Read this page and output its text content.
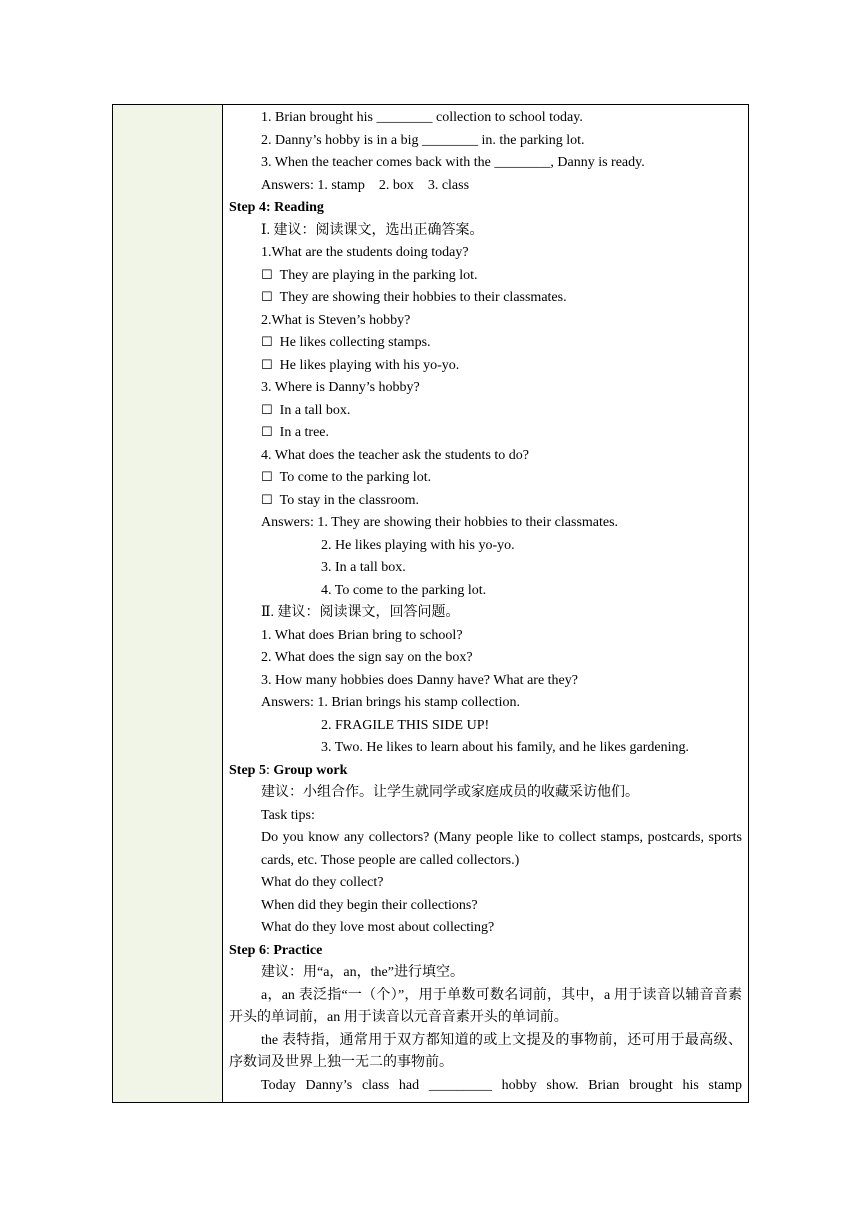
1. Brian brought his ________ collection to school today.
2. Danny’s hobby is in a big ________ in. the parking lot.
3. When the teacher comes back with the ________, Danny is ready.
Answers: 1. stamp    2. box    3. class
Step 4: Reading
Ⅰ. 建议：阅读课文，选出正确答案。
1.What are the students doing today?
☐ They are playing in the parking lot.
☐ They are showing their hobbies to their classmates.
2.What is Steven’s hobby?
☐ He likes collecting stamps.
☐ He likes playing with his yo-yo.
3. Where is Danny’s hobby?
☐ In a tall box.
☐ In a tree.
4. What does the teacher ask the students to do?
☐ To come to the parking lot.
☐ To stay in the classroom.
Answers: 1. They are showing their hobbies to their classmates.
2. He likes playing with his yo-yo.
3. In a tall box.
4. To come to the parking lot.
Ⅱ. 建议：阅读课文，回答问题。
1. What does Brian bring to school?
2. What does the sign say on the box?
3. How many hobbies does Danny have? What are they?
Answers: 1. Brian brings his stamp collection.
2. FRAGILE THIS SIDE UP!
3. Two. He likes to learn about his family, and he likes gardening.
Step 5: Group work
建议：小组合作。让学生就同学或家庭成员的收藏采访他们。
Task tips:
Do you know any collectors? (Many people like to collect stamps, postcards, sports cards, etc. Those people are called collectors.)
What do they collect?
When did they begin their collections?
What do they love most about collecting?
Step 6: Practice
建议：用“a，an，the”进行填空。
a，an 表泛指“一（个）”，用于单数可数名词前，其中，a 用于读音以辅音音素开头的单词前，an 用于读音以元音音素开头的单词前。
the 表特指，通常用于双方都知道的或上文提及的事物前，还可用于最高级、序数词及世界上独一无二的事物前。
Today Danny’s class had _________ hobby show. Brian brought his stamp
